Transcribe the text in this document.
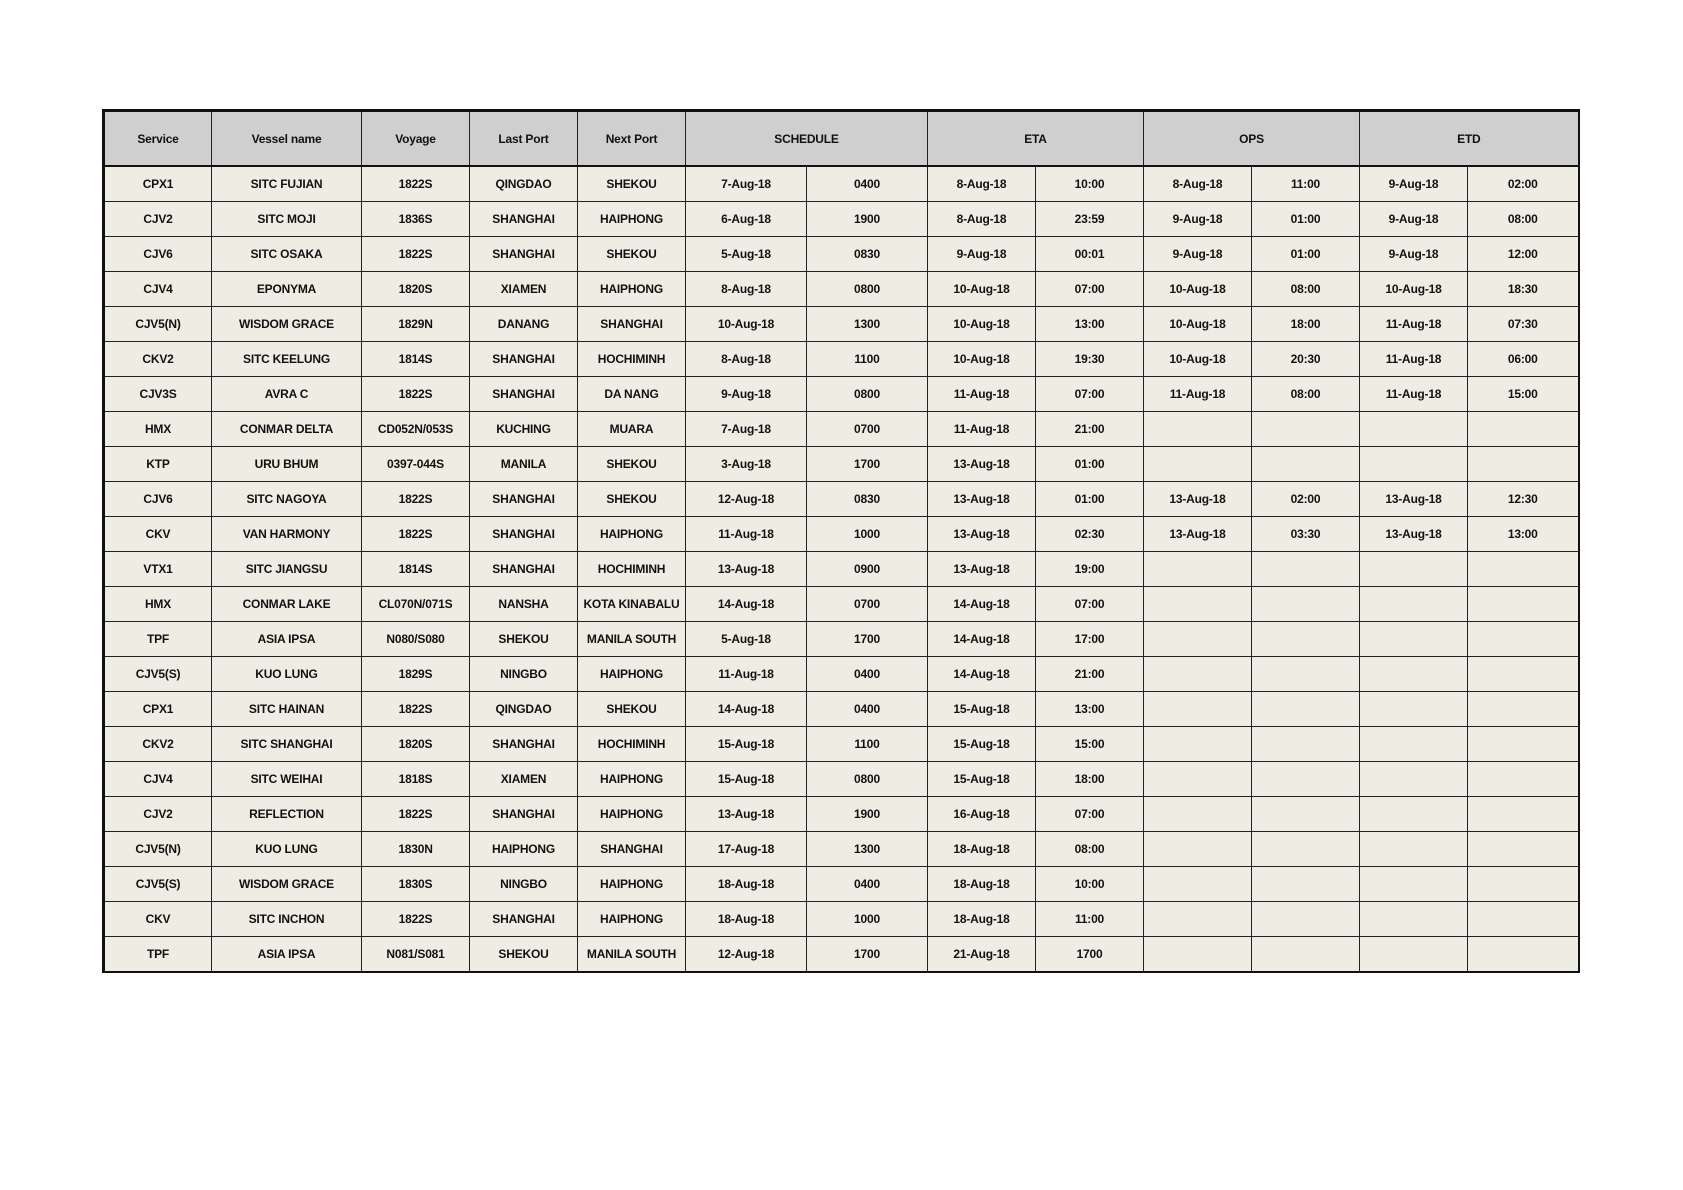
Service	Vessel name	Voyage	Last Port	Next Port	SCHEDULE		ETA		OPS		ETD	
CPX1	SITC FUJIAN	1822S	QINGDAO	SHEKOU	7-Aug-18	0400	8-Aug-18	10:00	8-Aug-18	11:00	9-Aug-18	02:00
CJV2	SITC MOJI	1836S	SHANGHAI	HAIPHONG	6-Aug-18	1900	8-Aug-18	23:59	9-Aug-18	01:00	9-Aug-18	08:00
CJV6	SITC OSAKA	1822S	SHANGHAI	SHEKOU	5-Aug-18	0830	9-Aug-18	00:01	9-Aug-18	01:00	9-Aug-18	12:00
CJV4	EPONYMA	1820S	XIAMEN	HAIPHONG	8-Aug-18	0800	10-Aug-18	07:00	10-Aug-18	08:00	10-Aug-18	18:30
CJV5(N)	WISDOM GRACE	1829N	DANANG	SHANGHAI	10-Aug-18	1300	10-Aug-18	13:00	10-Aug-18	18:00	11-Aug-18	07:30
CKV2	SITC KEELUNG	1814S	SHANGHAI	HOCHIMINH	8-Aug-18	1100	10-Aug-18	19:30	10-Aug-18	20:30	11-Aug-18	06:00
CJV3S	AVRA C	1822S	SHANGHAI	DA NANG	9-Aug-18	0800	11-Aug-18	07:00	11-Aug-18	08:00	11-Aug-18	15:00
HMX	CONMAR DELTA	CD052N/053S	KUCHING	MUARA	7-Aug-18	0700	11-Aug-18	21:00				
KTP	URU BHUM	0397-044S	MANILA	SHEKOU	3-Aug-18	1700	13-Aug-18	01:00				
CJV6	SITC NAGOYA	1822S	SHANGHAI	SHEKOU	12-Aug-18	0830	13-Aug-18	01:00	13-Aug-18	02:00	13-Aug-18	12:30
CKV	VAN HARMONY	1822S	SHANGHAI	HAIPHONG	11-Aug-18	1000	13-Aug-18	02:30	13-Aug-18	03:30	13-Aug-18	13:00
VTX1	SITC JIANGSU	1814S	SHANGHAI	HOCHIMINH	13-Aug-18	0900	13-Aug-18	19:00				
HMX	CONMAR LAKE	CL070N/071S	NANSHA	KOTA KINABALU	14-Aug-18	0700	14-Aug-18	07:00				
TPF	ASIA IPSA	N080/S080	SHEKOU	MANILA SOUTH	5-Aug-18	1700	14-Aug-18	17:00				
CJV5(S)	KUO LUNG	1829S	NINGBO	HAIPHONG	11-Aug-18	0400	14-Aug-18	21:00				
CPX1	SITC HAINAN	1822S	QINGDAO	SHEKOU	14-Aug-18	0400	15-Aug-18	13:00				
CKV2	SITC SHANGHAI	1820S	SHANGHAI	HOCHIMINH	15-Aug-18	1100	15-Aug-18	15:00				
CJV4	SITC WEIHAI	1818S	XIAMEN	HAIPHONG	15-Aug-18	0800	15-Aug-18	18:00				
CJV2	REFLECTION	1822S	SHANGHAI	HAIPHONG	13-Aug-18	1900	16-Aug-18	07:00				
CJV5(N)	KUO LUNG	1830N	HAIPHONG	SHANGHAI	17-Aug-18	1300	18-Aug-18	08:00				
CJV5(S)	WISDOM GRACE	1830S	NINGBO	HAIPHONG	18-Aug-18	0400	18-Aug-18	10:00				
CKV	SITC INCHON	1822S	SHANGHAI	HAIPHONG	18-Aug-18	1000	18-Aug-18	11:00				
TPF	ASIA IPSA	N081/S081	SHEKOU	MANILA SOUTH	12-Aug-18	1700	21-Aug-18	1700				
